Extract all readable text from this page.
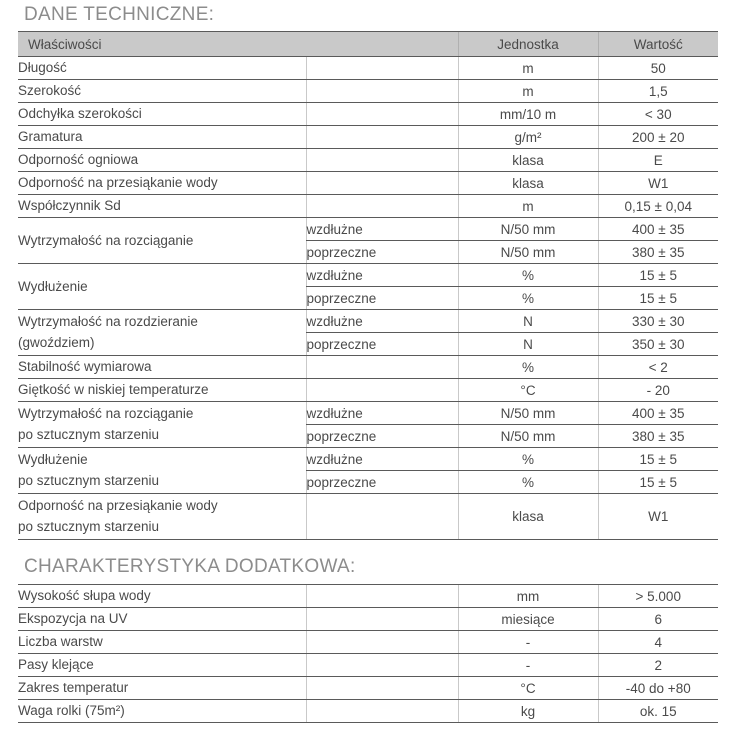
DANE TECHNICZNE:
Właściwości		Jednostka	Wartość
Długość		m	50
Szerokość		m	1,5
Odchyłka szerokości		mm/10 m	< 30
Gramatura		g/m²	200 ± 20
Odporność ogniowa		klasa	E
Odporność na przesiąkanie wody		klasa	W1
Współczynnik Sd		m	0,15 ± 0,04
Wytrzymałość na rozciąganie	wzdłużne	N/50 mm	400 ± 35
	poprzeczne	N/50 mm	380 ± 35
Wydłużenie	wzdłużne	%	15 ± 5
	poprzeczne	%	15 ± 5

Wytrzymałość na rozdzieranie
(gwoździem)	wzdłużne	N	330 ± 30
	poprzeczne	N	350 ± 30
Stabilność wymiarowa		%	< 2
Giętkość w niskiej temperaturze		°C	- 20

Wytrzymałość na rozciąganie
po sztucznym starzeniu	wzdłużne	N/50 mm	400 ± 35
	poprzeczne	N/50 mm	380 ± 35

Wydłużenie
po sztucznym starzeniu	wzdłużne	%	15 ± 5
	poprzeczne	%	15 ± 5

Odporność na przesiąkanie wody
po sztucznym starzeniu		klasa	W1
CHARAKTERYSTYKA DODATKOWA:
Wysokość słupa wody		mm	> 5.000
Ekspozycja na UV		miesiące	6
Liczba warstw		-	4
Pasy klejące		-	2
Zakres temperatur		°C	-40 do +80
Waga rolki (75m²)		kg	ok. 15
